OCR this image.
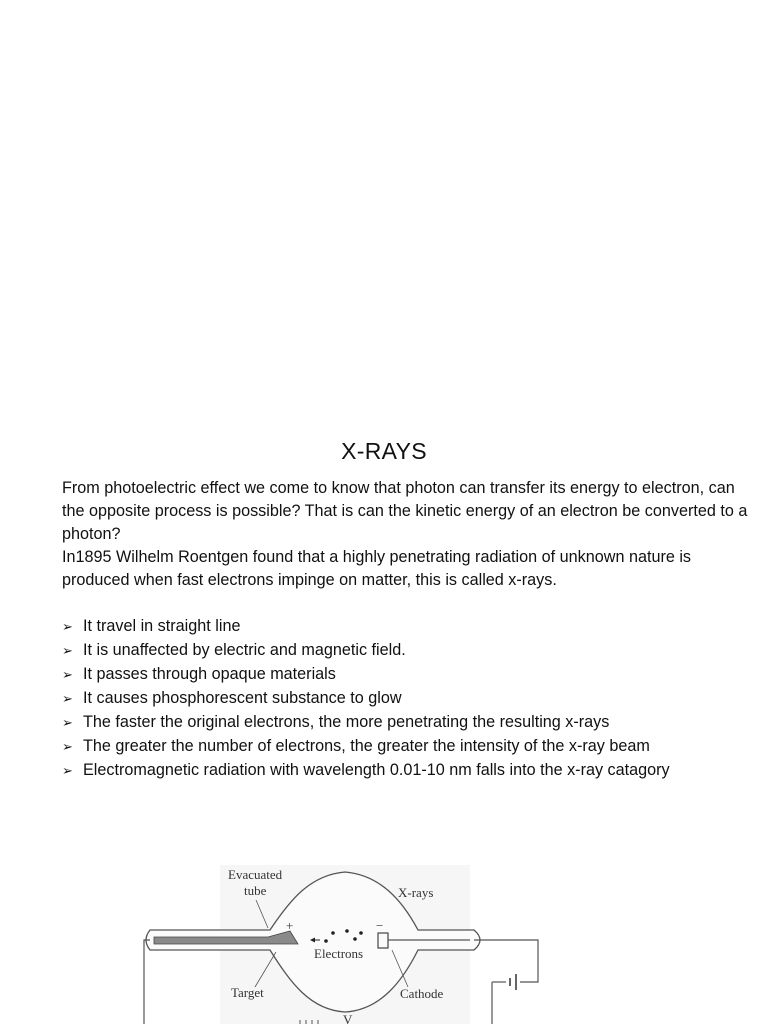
X-RAYS
From photoelectric effect we come to know that photon can transfer its energy to electron, can the opposite process is possible? That is can the kinetic energy of an electron be converted to a photon?
In1895 Wilhelm Roentgen found that a highly penetrating radiation of unknown nature is produced when fast electrons impinge on matter, this is called x-rays.
➢ It travel in straight line
➢ It is unaffected by electric and magnetic field.
➢ It passes through opaque materials
➢ It causes phosphorescent substance to glow
➢ The faster the original electrons, the more penetrating the resulting x-rays
➢ The greater the number of electrons, the greater the intensity of the x-ray beam
➢ Electromagnetic radiation with wavelength 0.01-10 nm falls into the x-ray catagory
Evacuated
tube	X-rays
Electrons
Target	Cathode
V
+	−
